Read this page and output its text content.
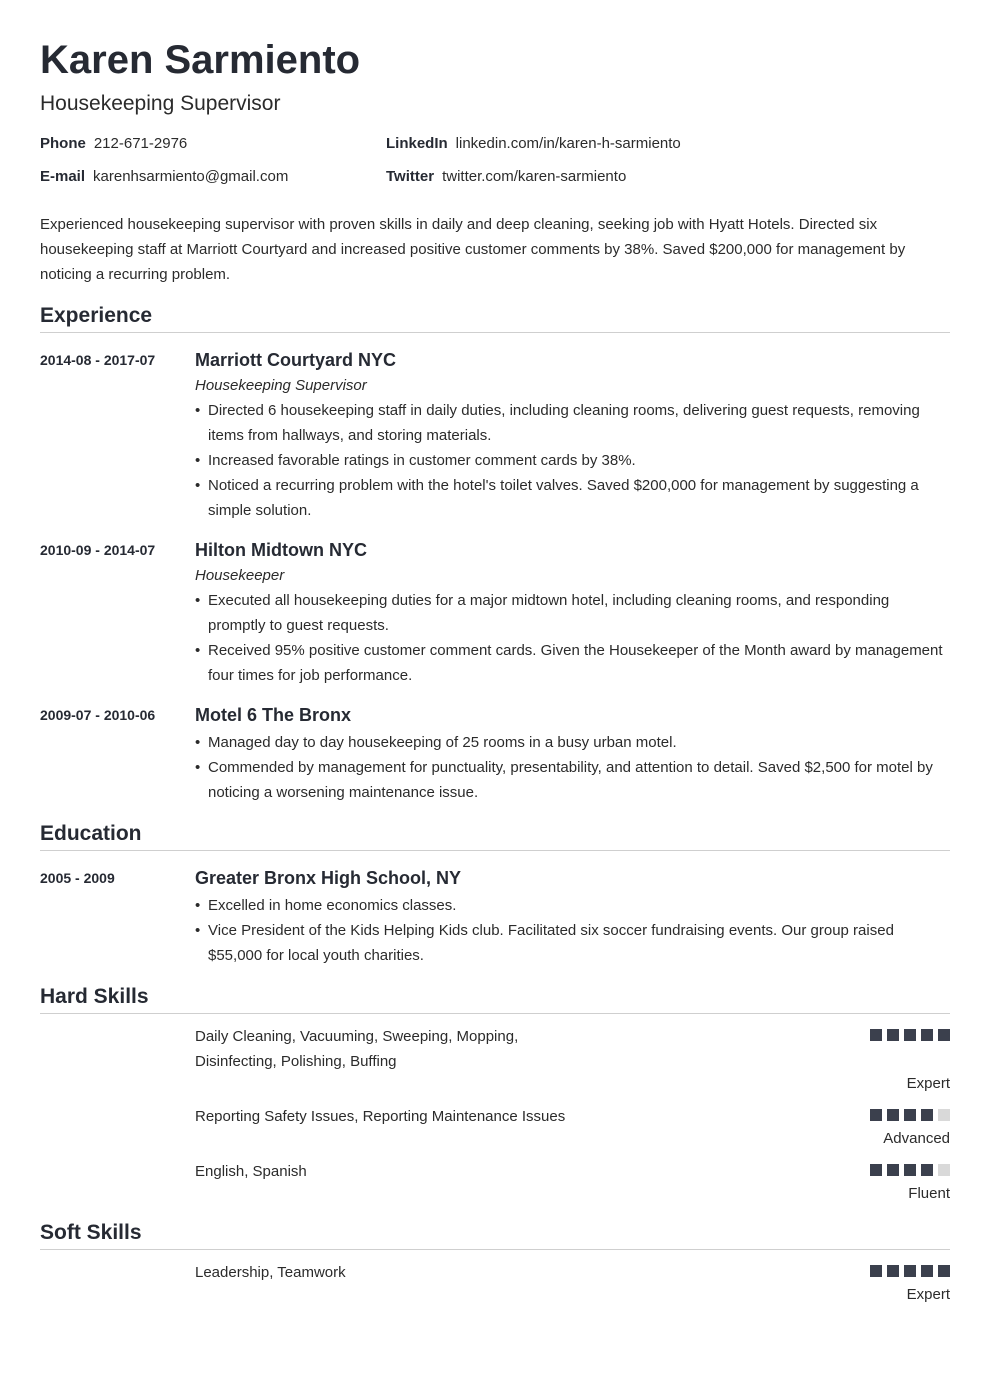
Karen Sarmiento
Housekeeping Supervisor
Phone 212-671-2976	LinkedIn linkedin.com/in/karen-h-sarmiento
E-mail karenhsarmiento@gmail.com	Twitter twitter.com/karen-sarmiento
Experienced housekeeping supervisor with proven skills in daily and deep cleaning, seeking job with Hyatt Hotels. Directed six housekeeping staff at Marriott Courtyard and increased positive customer comments by 38%. Saved $200,000 for management by noticing a recurring problem.
Experience
2014-08 - 2017-07	Marriott Courtyard NYC
Housekeeping Supervisor
• Directed 6 housekeeping staff in daily duties, including cleaning rooms, delivering guest requests, removing items from hallways, and storing materials.
• Increased favorable ratings in customer comment cards by 38%.
• Noticed a recurring problem with the hotel's toilet valves. Saved $200,000 for management by suggesting a simple solution.
2010-09 - 2014-07	Hilton Midtown NYC
Housekeeper
• Executed all housekeeping duties for a major midtown hotel, including cleaning rooms, and responding promptly to guest requests.
• Received 95% positive customer comment cards. Given the Housekeeper of the Month award by management four times for job performance.
2009-07 - 2010-06	Motel 6 The Bronx
• Managed day to day housekeeping of 25 rooms in a busy urban motel.
• Commended by management for punctuality, presentability, and attention to detail. Saved $2,500 for motel by noticing a worsening maintenance issue.
Education
2005 - 2009	Greater Bronx High School, NY
• Excelled in home economics classes.
• Vice President of the Kids Helping Kids club. Facilitated six soccer fundraising events. Our group raised $55,000 for local youth charities.
Hard Skills
Daily Cleaning, Vacuuming, Sweeping, Mopping, Disinfecting, Polishing, Buffing
Expert
Reporting Safety Issues, Reporting Maintenance Issues
Advanced
English, Spanish
Fluent
Soft Skills
Leadership, Teamwork
Expert
